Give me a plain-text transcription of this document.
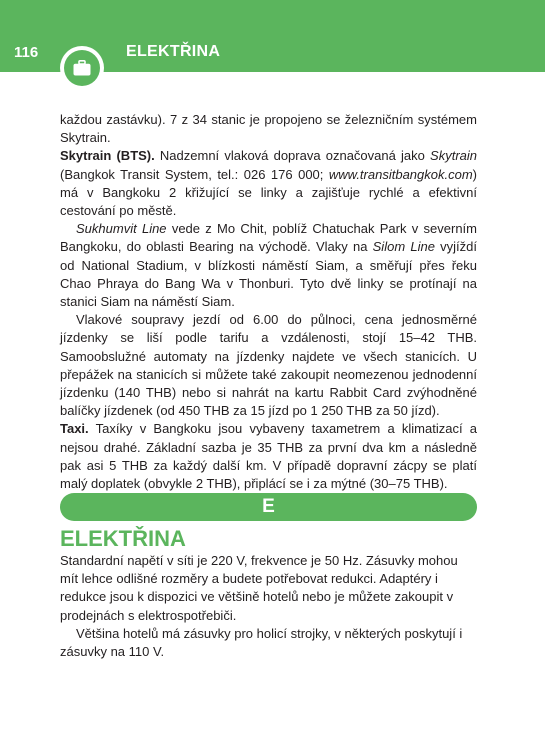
116	ELEKTŘINA

každou zastávku). 7 z 34 stanic je propojeno se železničním systémem Skytrain.

Skytrain (BTS). Nadzemní vlaková doprava označovaná jako Skytrain (Bangkok Transit System, tel.: 026 176 000; www.transitbangkok.com) má v Bangkoku 2 křižující se linky a zajišťuje rychlé a efektivní cestování po městě.

Sukhumvit Line vede z Mo Chit, poblíž Chatuchak Park v severním Bangkoku, do oblasti Bearing na východě. Vlaky na Silom Line vyjíždí od National Stadium, v blízkosti náměstí Siam, a směřují přes řeku Chao Phraya do Bang Wa v Thonburi. Tyto dvě linky se protínají na stanici Siam na náměstí Siam.

Vlakové soupravy jezdí od 6.00 do půlnoci, cena jednosměrné jízdenky se liší podle tarifu a vzdálenosti, stojí 15–42 THB. Samoobslužné automaty na jízdenky najdete ve všech stanicích. U přepážek na stanicích si můžete také zakoupit neomezenou jednodenní jízdenku (140 THB) nebo si nahrát na kartu Rabbit Card zvýhodněné balíčky jízdenek (od 450 THB za 15 jízd po 1 250 THB za 50 jízd).

Taxi. Taxíky v Bangkoku jsou vybaveny taxametrem a klimatizací a nejsou drahé. Základní sazba je 35 THB za první dva km a následně pak asi 5 THB za každý další km. V případě dopravní zácpy se platí malý doplatek (obvykle 2 THB), připlácí se i za mýtné (30–75 THB).

E
ELEKTŘINA

Standardní napětí v síti je 220 V, frekvence je 50 Hz. Zásuvky mohou mít lehce odlišné rozměry a budete potřebovat redukci. Adaptéry i redukce jsou k dispozici ve většině hotelů nebo je můžete zakoupit v prodejnách s elektrospotřebiči.

Většina hotelů má zásuvky pro holicí strojky, v některých poskytují i zásuvky na 110 V.
